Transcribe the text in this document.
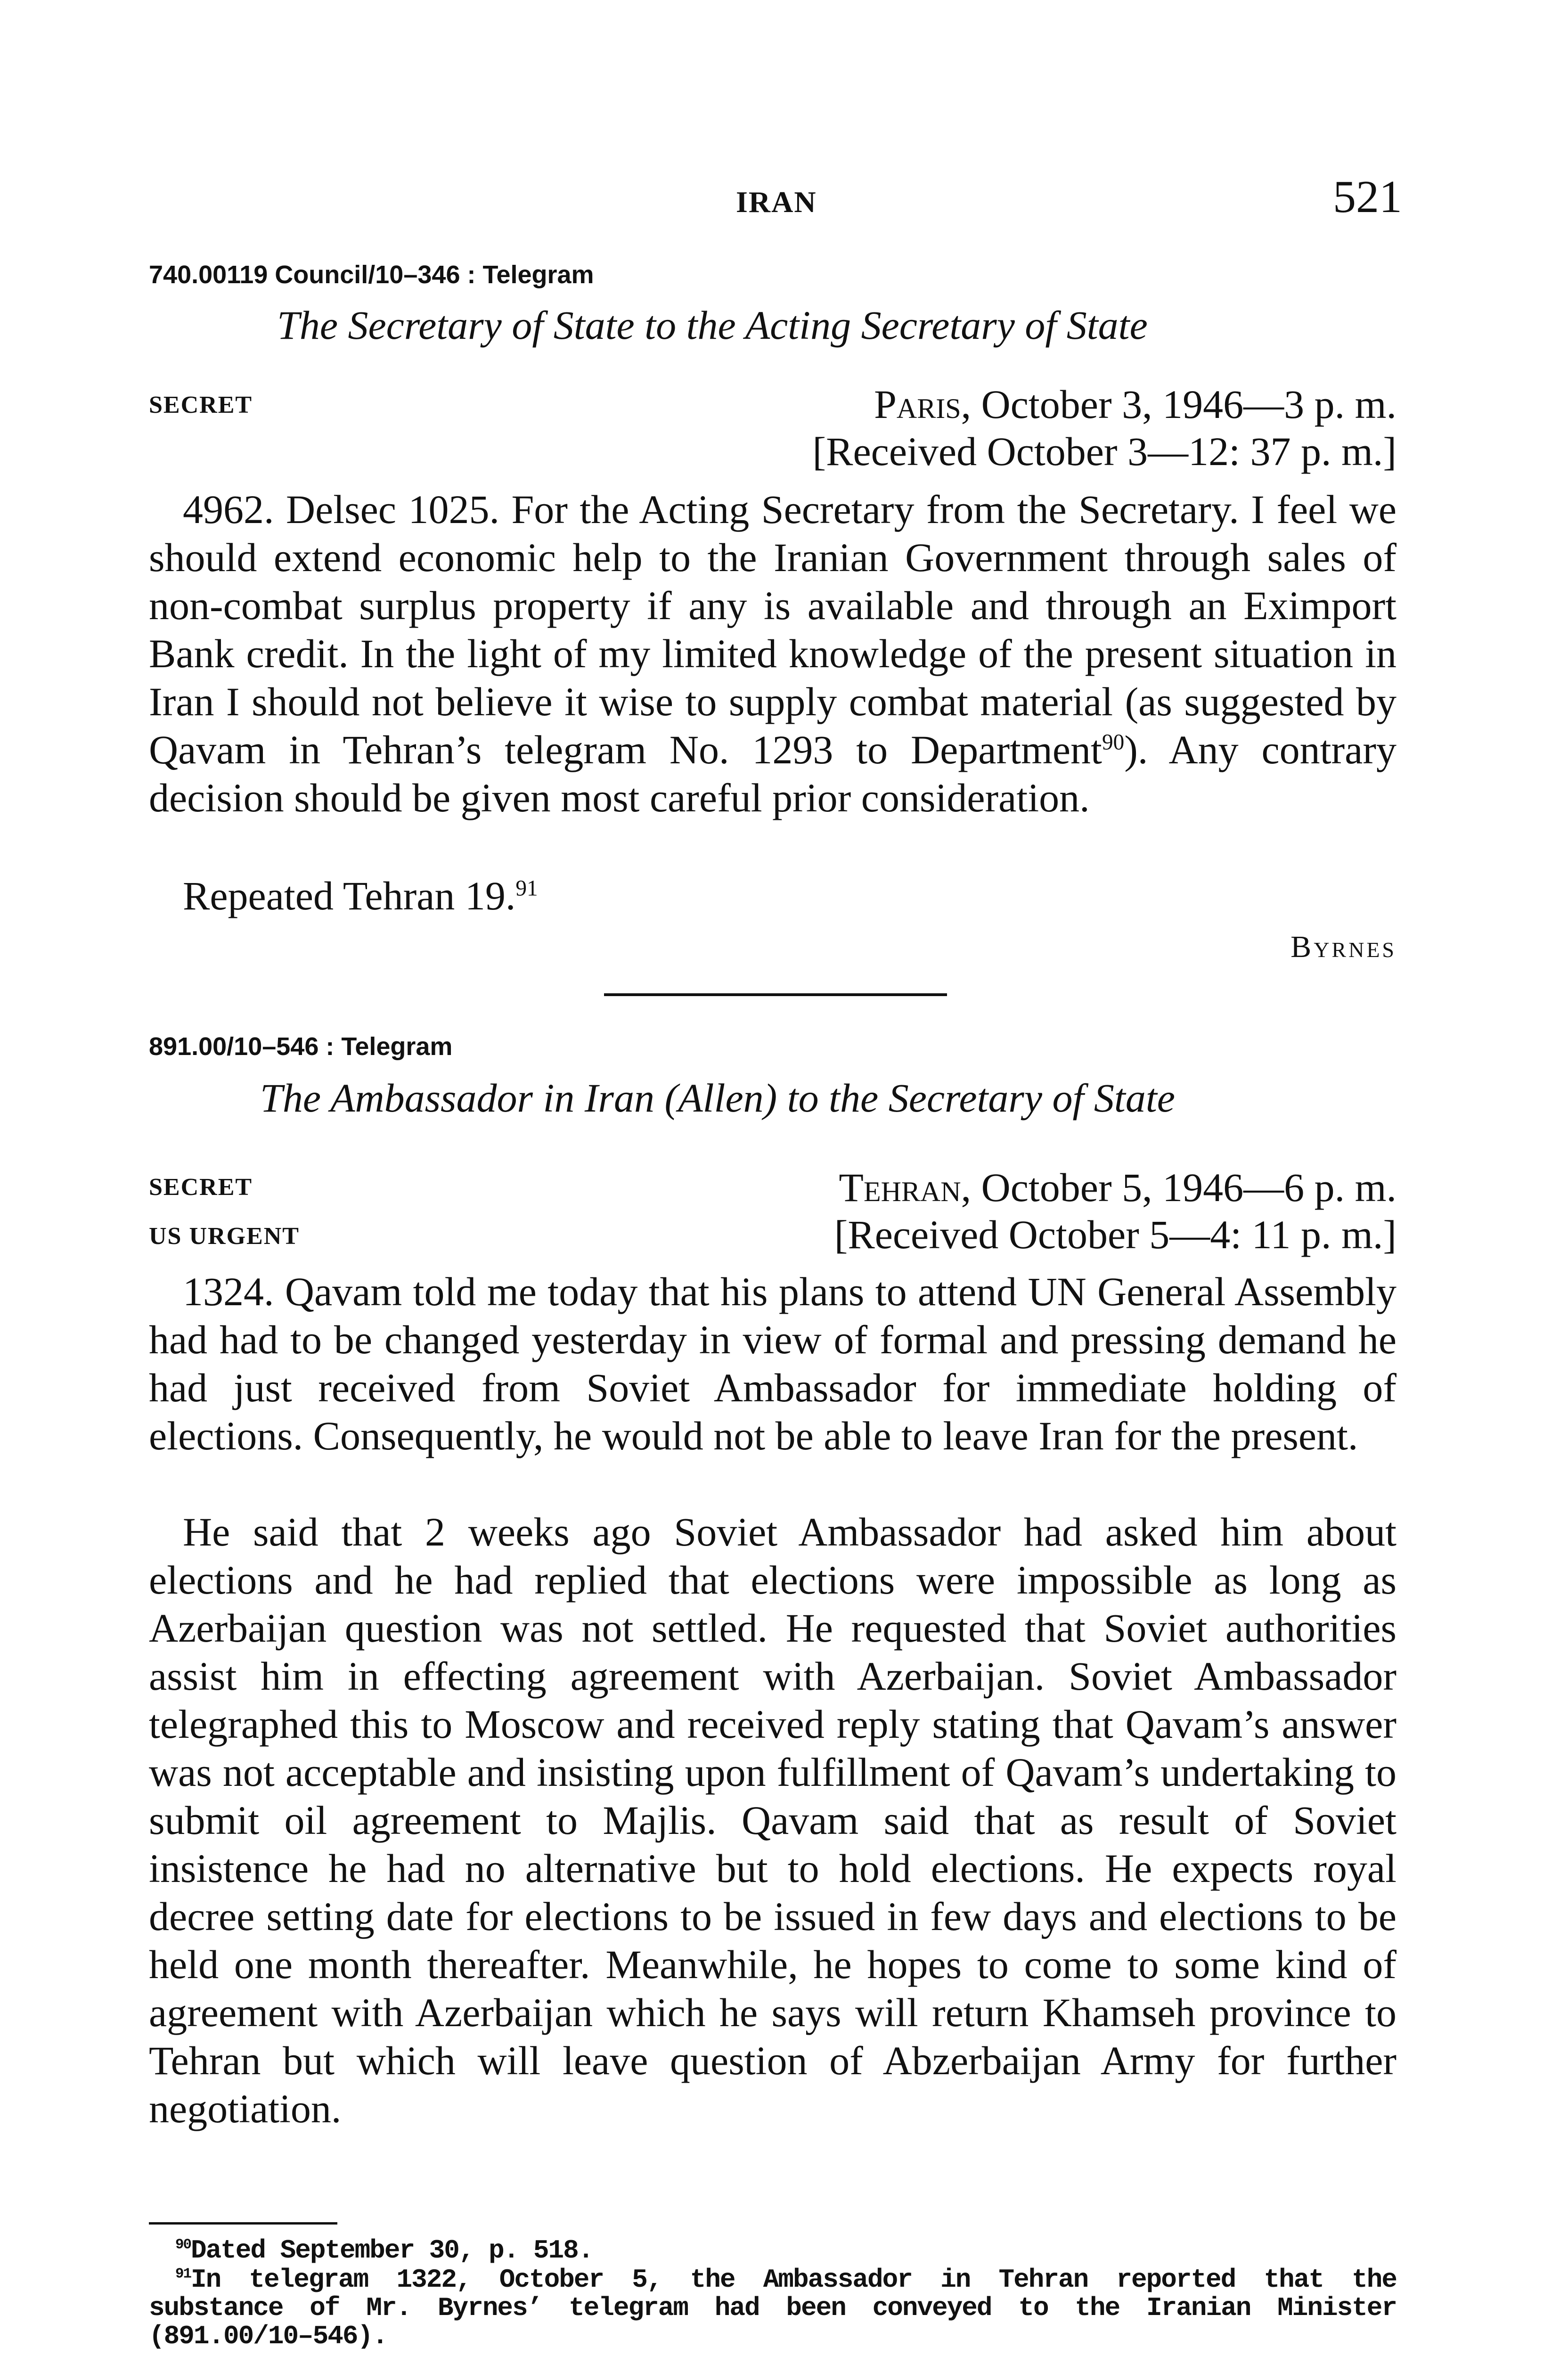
IRAN	521
740.00119 Council/10–346 : Telegram
The Secretary of State to the Acting Secretary of State
SECRET	Paris, October 3, 1946—3 p. m.
[Received October 3—12: 37 p. m.]
4962. Delsec 1025. For the Acting Secretary from the Secretary. I feel we should extend economic help to the Iranian Government through sales of non-combat surplus property if any is available and through an Eximport Bank credit. In the light of my limited knowledge of the present situation in Iran I should not believe it wise to supply combat material (as suggested by Qavam in Tehran’s telegram No. 1293 to Department$^{90}$). Any contrary decision should be given most careful prior consideration.
Repeated Tehran 19.91
Byrnes
891.00/10–546 : Telegram
The Ambassador in Iran (Allen) to the Secretary of State
SECRET
US URGENT
Tehran, October 5, 1946—6 p. m.
[Received October 5—4: 11 p. m.]
1324. Qavam told me today that his plans to attend UN General Assembly had had to be changed yesterday in view of formal and pressing demand he had just received from Soviet Ambassador for immediate holding of elections. Consequently, he would not be able to leave Iran for the present.
He said that 2 weeks ago Soviet Ambassador had asked him about elections and he had replied that elections were impossible as long as Azerbaijan question was not settled. He requested that Soviet authorities assist him in effecting agreement with Azerbaijan. Soviet Ambassador telegraphed this to Moscow and received reply stating that Qavam’s answer was not acceptable and insisting upon fulfillment of Qavam’s undertaking to submit oil agreement to Majlis. Qavam said that as result of Soviet insistence he had no alternative but to hold elections. He expects royal decree setting date for elections to be issued in few days and elections to be held one month thereafter. Meanwhile, he hopes to come to some kind of agreement with Azerbaijan which he says will return Khamseh province to Tehran but which will leave question of Abzerbaijan Army for further negotiation.
$^{90}$Dated September 30, p. 518.
$^{91}$In telegram 1322, October 5, the Ambassador in Tehran reported that the substance of Mr. Byrnes’ telegram had been conveyed to the Iranian Minister (891.00/10–546).
